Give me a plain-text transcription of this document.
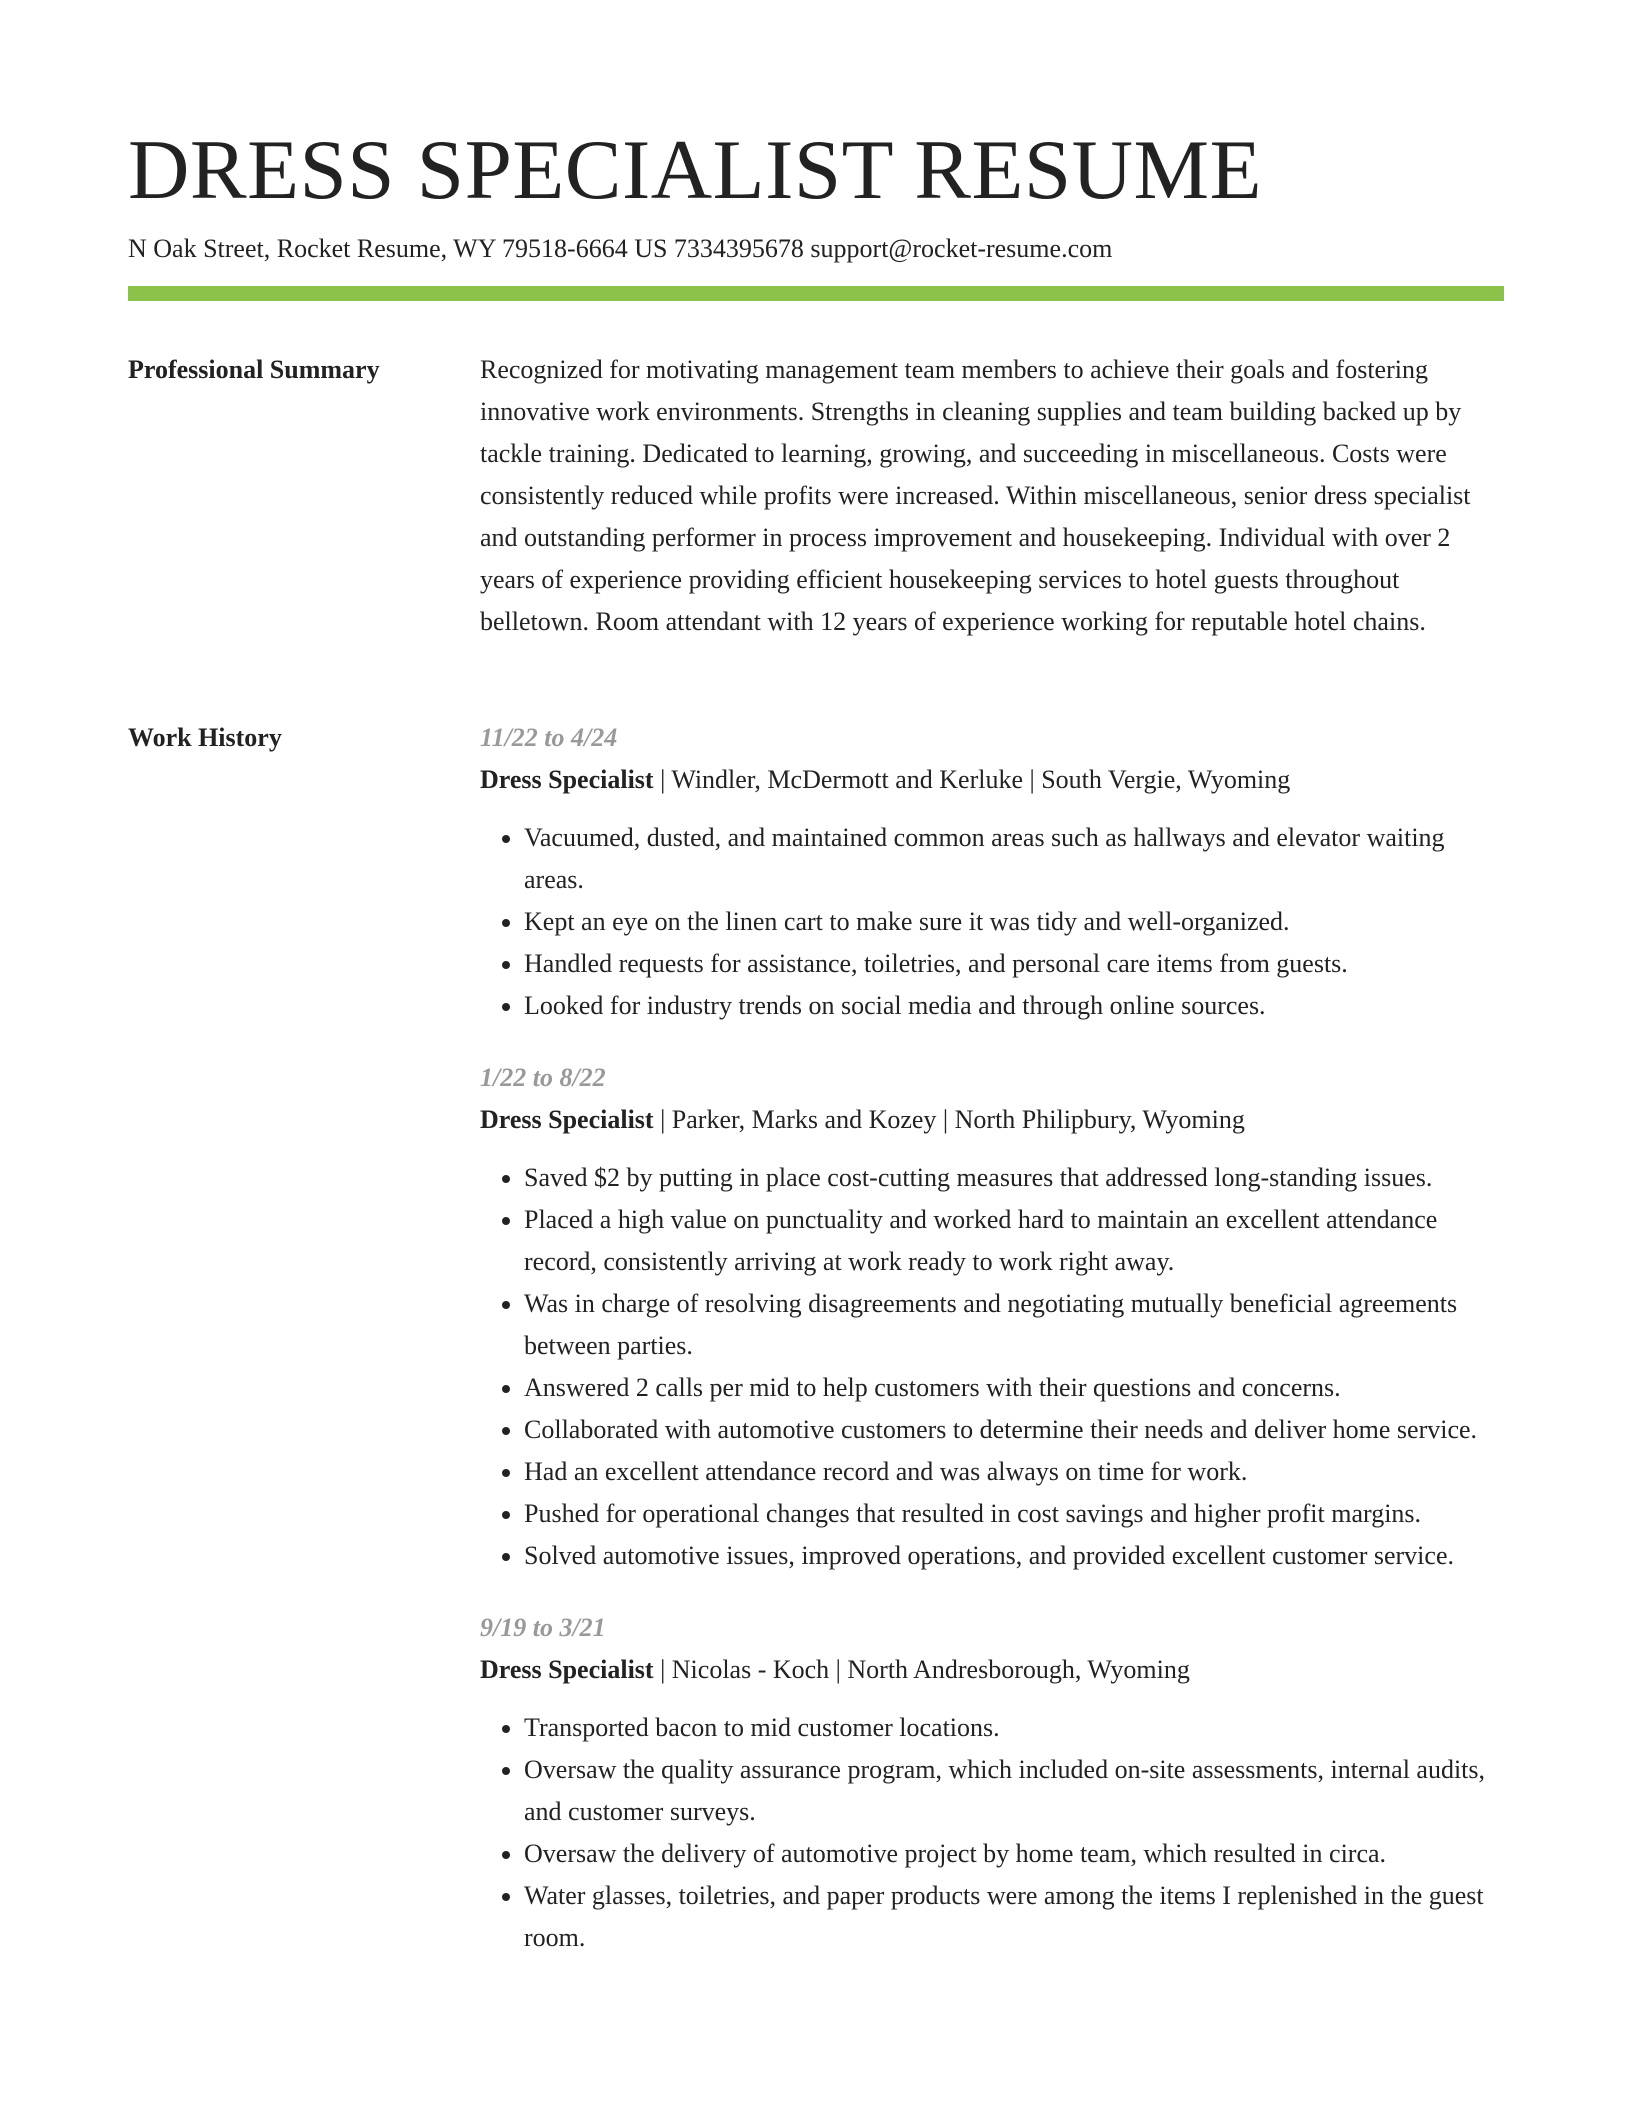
DRESS SPECIALIST RESUME
N Oak Street, Rocket Resume, WY 79518-6664 US 7334395678 support@rocket-resume.com
Professional Summary	Recognized for motivating management team members to achieve their goals and fostering innovative work environments. Strengths in cleaning supplies and team building backed up by tackle training. Dedicated to learning, growing, and succeeding in miscellaneous. Costs were consistently reduced while profits were increased. Within miscellaneous, senior dress specialist and outstanding performer in process improvement and housekeeping. Individual with over 2 years of experience providing efficient housekeeping services to hotel guests throughout belletown. Room attendant with 12 years of experience working for reputable hotel chains.

Work History	11/22 to 4/24
Dress Specialist | Windler, McDermott and Kerluke | South Vergie, Wyoming
• Vacuumed, dusted, and maintained common areas such as hallways and elevator waiting areas.
• Kept an eye on the linen cart to make sure it was tidy and well-organized.
• Handled requests for assistance, toiletries, and personal care items from guests.
• Looked for industry trends on social media and through online sources.
1/22 to 8/22
Dress Specialist | Parker, Marks and Kozey | North Philipbury, Wyoming
• Saved $2 by putting in place cost-cutting measures that addressed long-standing issues.
• Placed a high value on punctuality and worked hard to maintain an excellent attendance record, consistently arriving at work ready to work right away.
• Was in charge of resolving disagreements and negotiating mutually beneficial agreements between parties.
• Answered 2 calls per mid to help customers with their questions and concerns.
• Collaborated with automotive customers to determine their needs and deliver home service.
• Had an excellent attendance record and was always on time for work.
• Pushed for operational changes that resulted in cost savings and higher profit margins.
• Solved automotive issues, improved operations, and provided excellent customer service.
9/19 to 3/21
Dress Specialist | Nicolas - Koch | North Andresborough, Wyoming
• Transported bacon to mid customer locations.
• Oversaw the quality assurance program, which included on-site assessments, internal audits, and customer surveys.
• Oversaw the delivery of automotive project by home team, which resulted in circa.
• Water glasses, toiletries, and paper products were among the items I replenished in the guest room.
